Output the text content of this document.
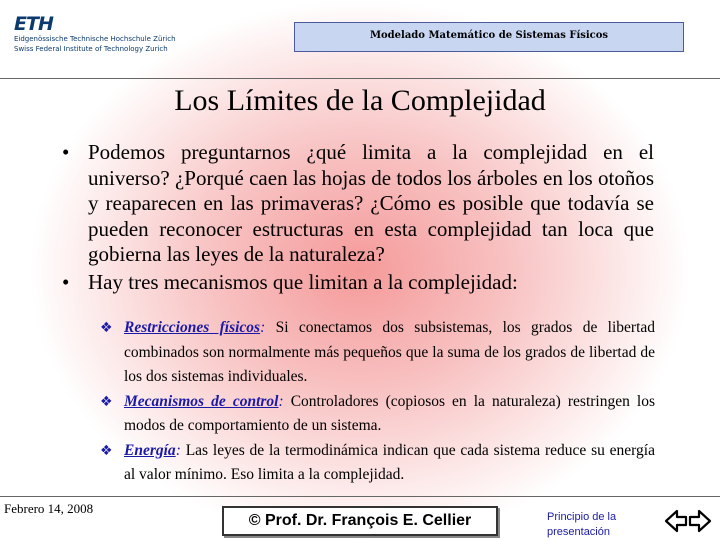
ETH
Eidgenössische Technische Hochschule Zürich
Swiss Federal Institute of Technology Zurich
Modelado Matemático de Sistemas Físicos
Los Límites de la Complejidad
• Podemos preguntarnos ¿qué limita a la complejidad en el universo? ¿Porqué caen las hojas de todos los árboles en los otoños y reaparecen en las primaveras? ¿Cómo es posible que todavía se pueden reconocer estructuras en esta complejidad tan loca que gobierna las leyes de la naturaleza?
• Hay tres mecanismos que limitan a la complejidad:
❖ Restricciones físicos: Si conectamos dos subsistemas, los grados de libertad combinados son normalmente más pequeños que la suma de los grados de libertad de los dos sistemas individuales.
❖ Mecanismos de control: Controladores (copiosos en la naturaleza) restringen los modos de comportamiento de un sistema.
❖ Energía: Las leyes de la termodinámica indican que cada sistema reduce su energía al valor mínimo. Eso limita a la complejidad.
Febrero 14, 2008
© Prof. Dr. François E. Cellier	Principio de la presentación
